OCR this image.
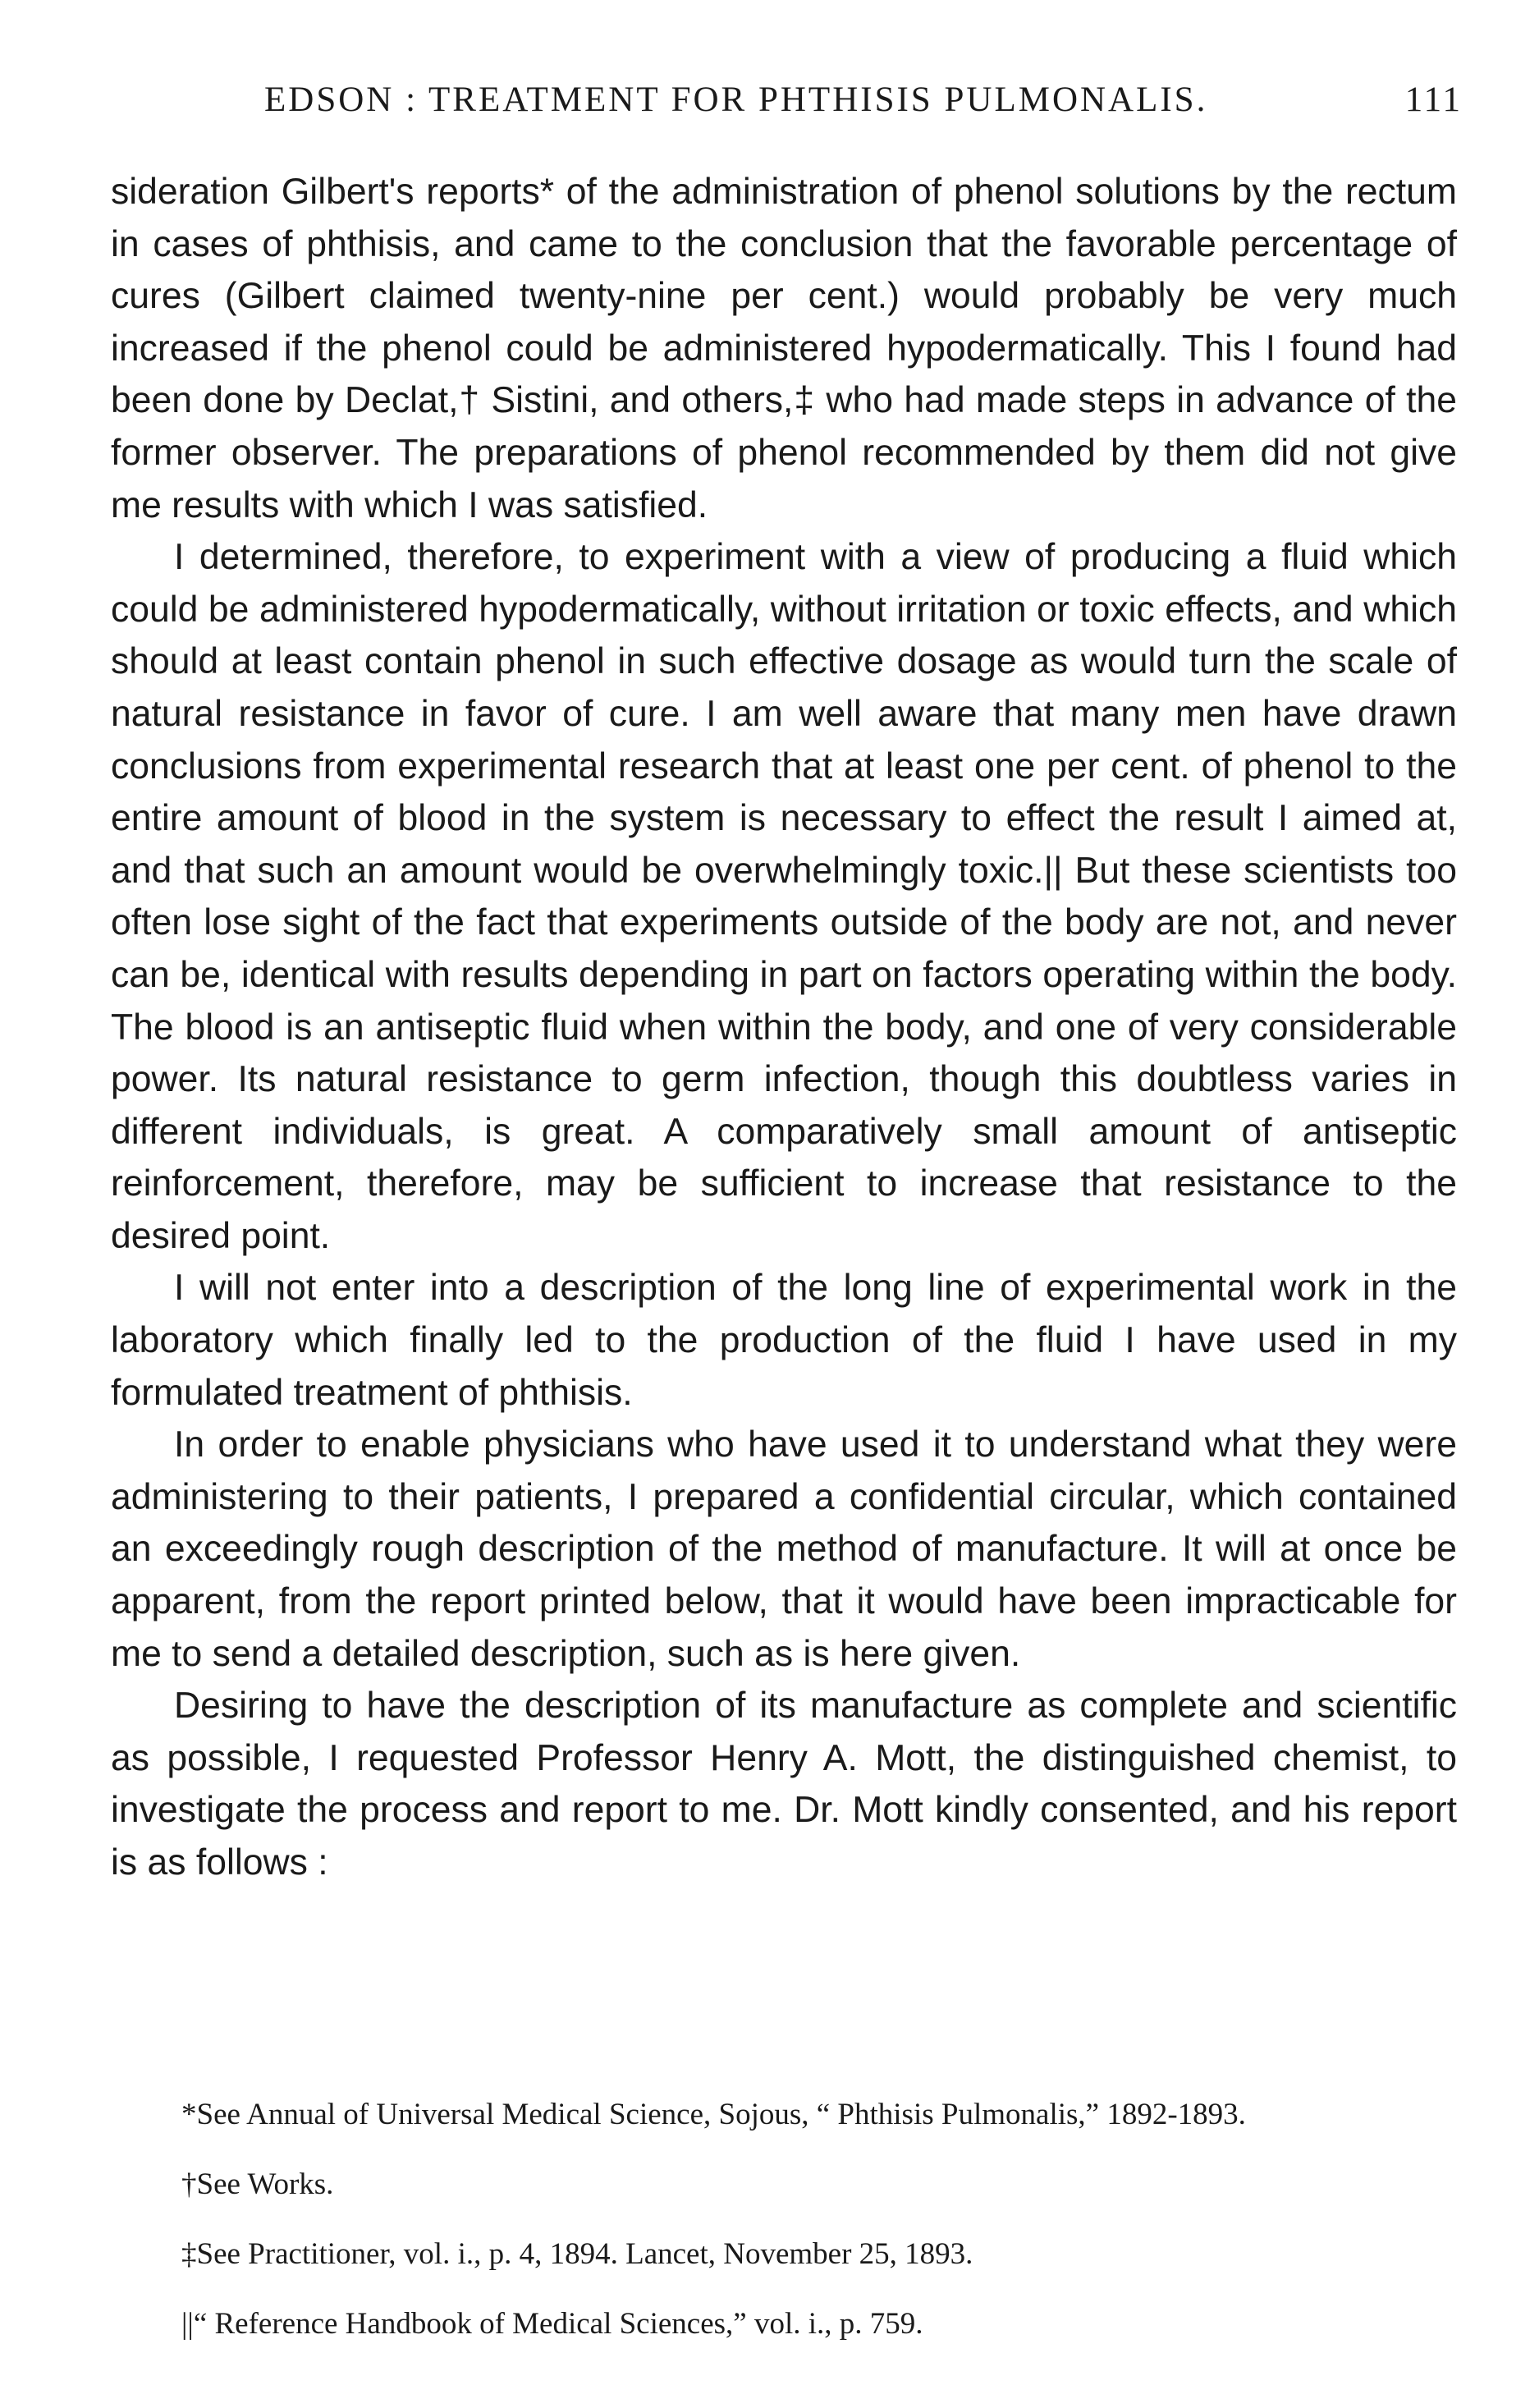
EDSON : TREATMENT FOR PHTHISIS PULMONALIS.	111

sideration Gilbert's reports* of the administration of phenol solutions by the rectum in cases of phthisis, and came to the conclusion that the favorable percentage of cures (Gilbert claimed twenty-nine per cent.) would probably be very much increased if the phenol could be administered hypodermatically. This I found had been done by Declat,† Sistini, and others,‡ who had made steps in advance of the former observer. The preparations of phenol recommended by them did not give me results with which I was satisfied.

I determined, therefore, to experiment with a view of producing a fluid which could be administered hypodermatically, without irritation or toxic effects, and which should at least contain phenol in such effective dosage as would turn the scale of natural resistance in favor of cure. I am well aware that many men have drawn conclusions from experimental research that at least one per cent. of phenol to the entire amount of blood in the system is necessary to effect the result I aimed at, and that such an amount would be overwhelmingly toxic.|| But these scientists too often lose sight of the fact that experiments outside of the body are not, and never can be, identical with results depending in part on factors operating within the body. The blood is an antiseptic fluid when within the body, and one of very considerable power. Its natural resistance to germ infection, though this doubtless varies in different individuals, is great. A comparatively small amount of antiseptic reinforcement, therefore, may be sufficient to increase that resistance to the desired point.

I will not enter into a description of the long line of experimental work in the laboratory which finally led to the production of the fluid I have used in my formulated treatment of phthisis.

In order to enable physicians who have used it to understand what they were administering to their patients, I prepared a confidential circular, which contained an exceedingly rough description of the method of manufacture. It will at once be apparent, from the report printed below, that it would have been impracticable for me to send a detailed description, such as is here given.

Desiring to have the description of its manufacture as complete and scientific as possible, I requested Professor Henry A. Mott, the distinguished chemist, to investigate the process and report to me. Dr. Mott kindly consented, and his report is as follows :

*See Annual of Universal Medical Science, Sojous, “ Phthisis Pulmonalis,” 1892-1893.

†See Works.

‡See Practitioner, vol. i., p. 4, 1894. Lancet, November 25, 1893.

||“ Reference Handbook of Medical Sciences,” vol. i., p. 759.
